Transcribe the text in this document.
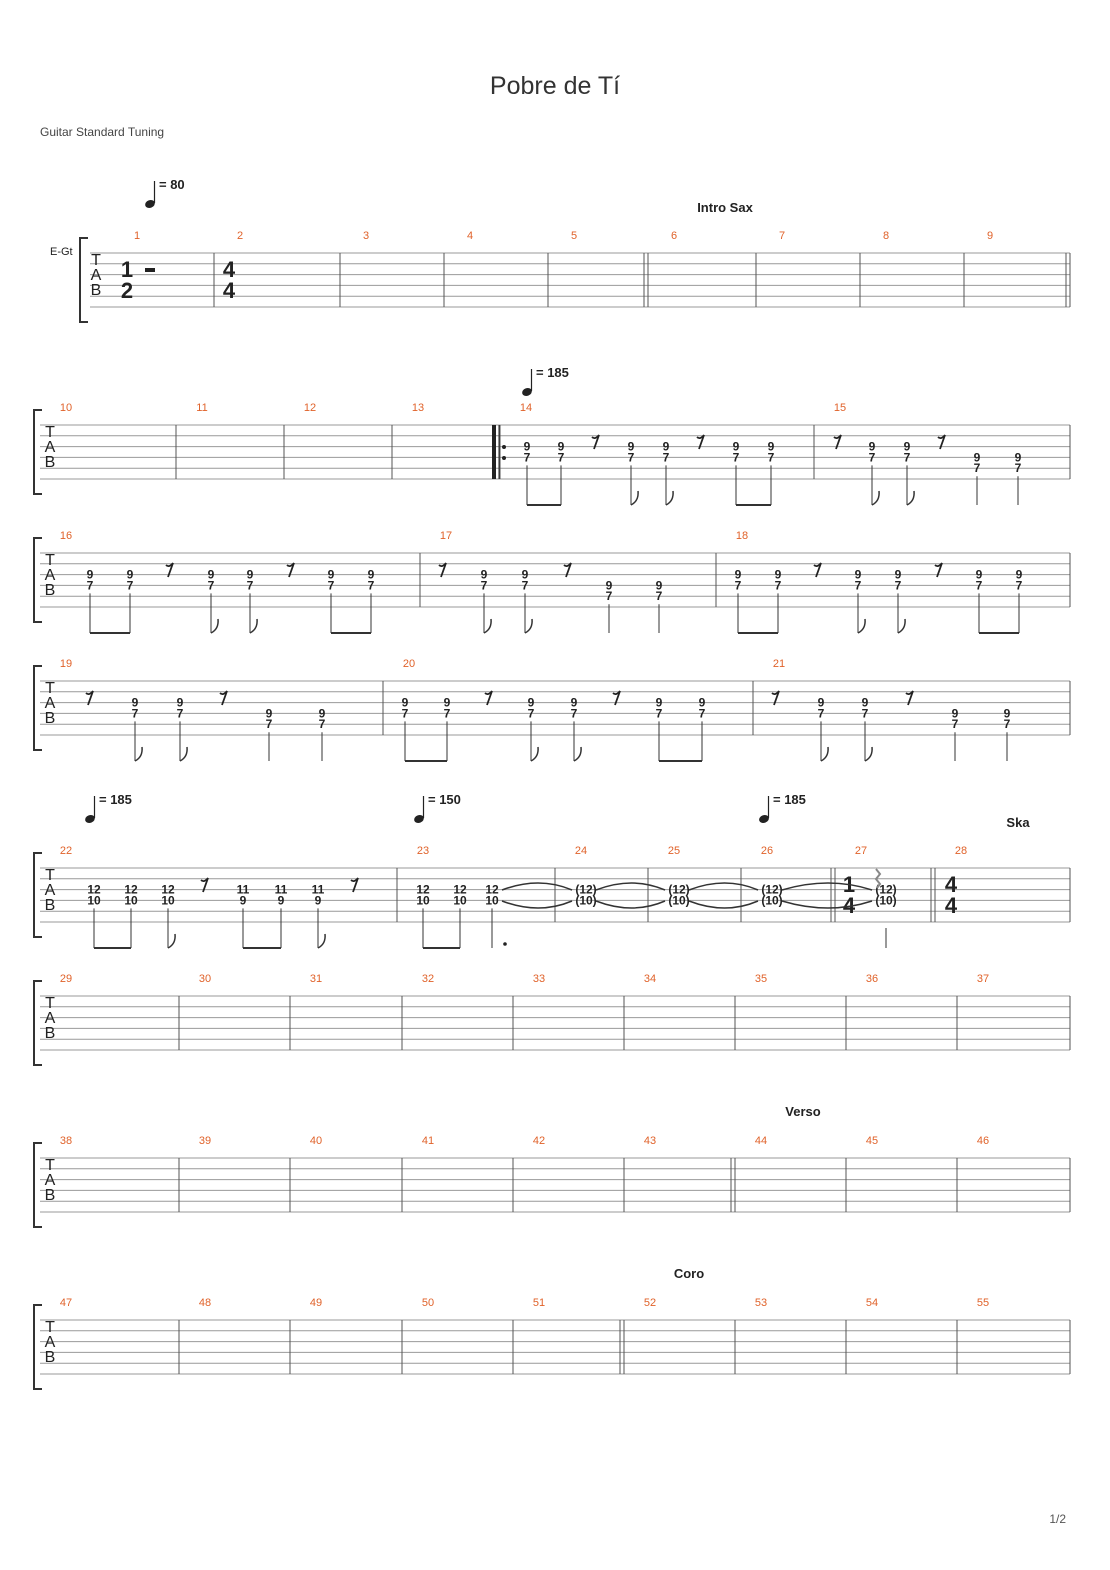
Pobre de Tí
Guitar Standard Tuning
1/2
T
A
B
1	2	3	4	5	6	7	8	9
T
A
B
10	11	12	13	14	15
T
A
B
16	17	18
T
A
B
19	20	21
T
A
B
22	23	24	25	26	27	28
T
A
B
29	30	31	32	33	34	35	36	37
T
A
B
38	39	40	41	42	43	44	45	46
T
A
B
47	48	49	50	51	52	53	54	55
E-Gt
1
2
4
4
1
4
4
4
= 80
= 185
= 185	= 150	= 185
Intro Sax
Ska
Verso
Coro
9
7
9
7
9
7
9
7
9
7
9
7
9
7
9
7	9
7
9
7
9
7
9
7
9
7
9
7
9
7
9
7
9
7
9
7	9
7
9
7
9
7
9
7
9
7
9
7
9
7
9
7
9
7
9
7	9
7
9
7
9
7
9
7
9
7
9
7
9
7
9
7
9
7
9
7	9
7
9
7
12
10
12
10
12
10
11
9
11
9
11
9
12
10
12
10
12
10
(12)
(10)
(12)
(10)
(12)
(10)
(12)
(10)
